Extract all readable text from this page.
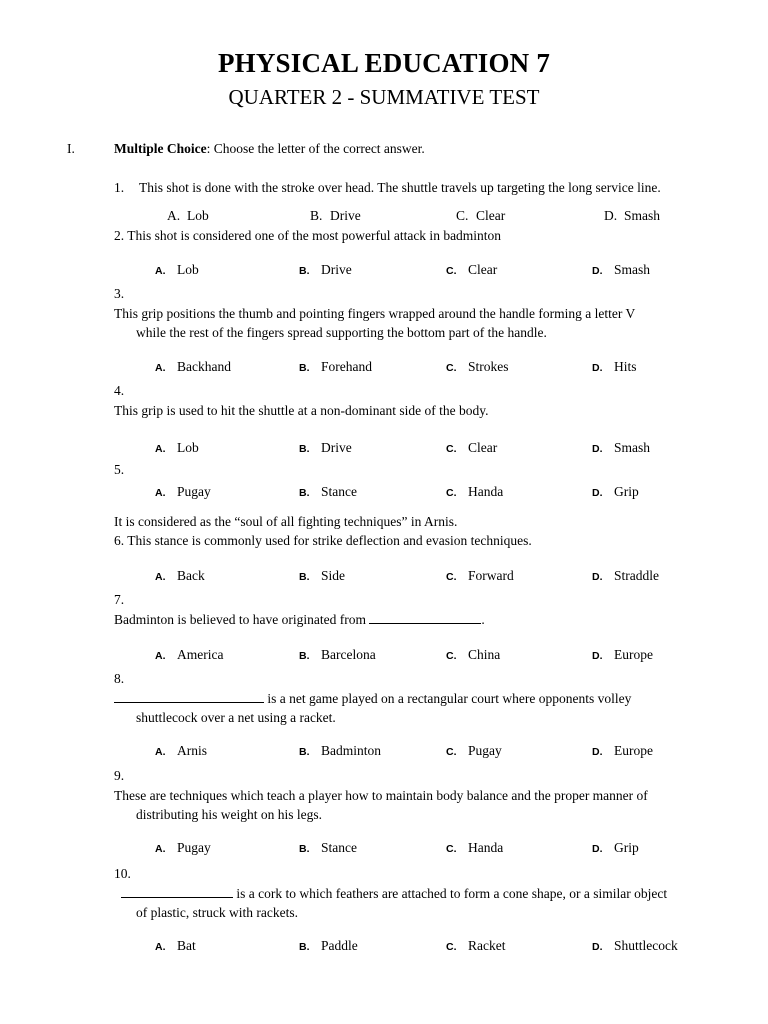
PHYSICAL EDUCATION 7
QUARTER 2 - SUMMATIVE TEST
I.	Multiple Choice: Choose the letter of the correct answer.
1. This shot is done with the stroke over head. The shuttle travels up targeting the long service line.
A. Lob	B. Drive	C. Clear	D. Smash
2. This shot is considered one of the most powerful attack in badminton
A. Lob	B. Drive	C. Clear	D. Smash
3.
This grip positions the thumb and pointing fingers wrapped around the handle forming a letter V
while the rest of the fingers spread supporting the bottom part of the handle.
A. Backhand	B. Forehand	C. Strokes	D. Hits
4.
This grip is used to hit the shuttle at a non-dominant side of the body.
A. Lob	B. Drive	C. Clear	D. Smash
5.
A. Pugay	B. Stance	C. Handa	D. Grip
It is considered as the “soul of all fighting techniques” in Arnis.
6. This stance is commonly used for strike deflection and evasion techniques.
A. Back	B. Side	C. Forward	D. Straddle
7.
Badminton is believed to have originated from	.
A. America	B. Barcelona	C. China	D. Europe
8.
is a net game played on a rectangular court where opponents volley
shuttlecock over a net using a racket.
A. Arnis	B. Badminton	C. Pugay	D. Europe
9.
These are techniques which teach a player how to maintain body balance and the proper manner of
distributing his weight on his legs.
A. Pugay	B. Stance	C. Handa	D. Grip
10.
is a cork to which feathers are attached to form a cone shape, or a similar object
of plastic, struck with rackets.
A. Bat	B. Paddle	C. Racket	D. Shuttlecock
